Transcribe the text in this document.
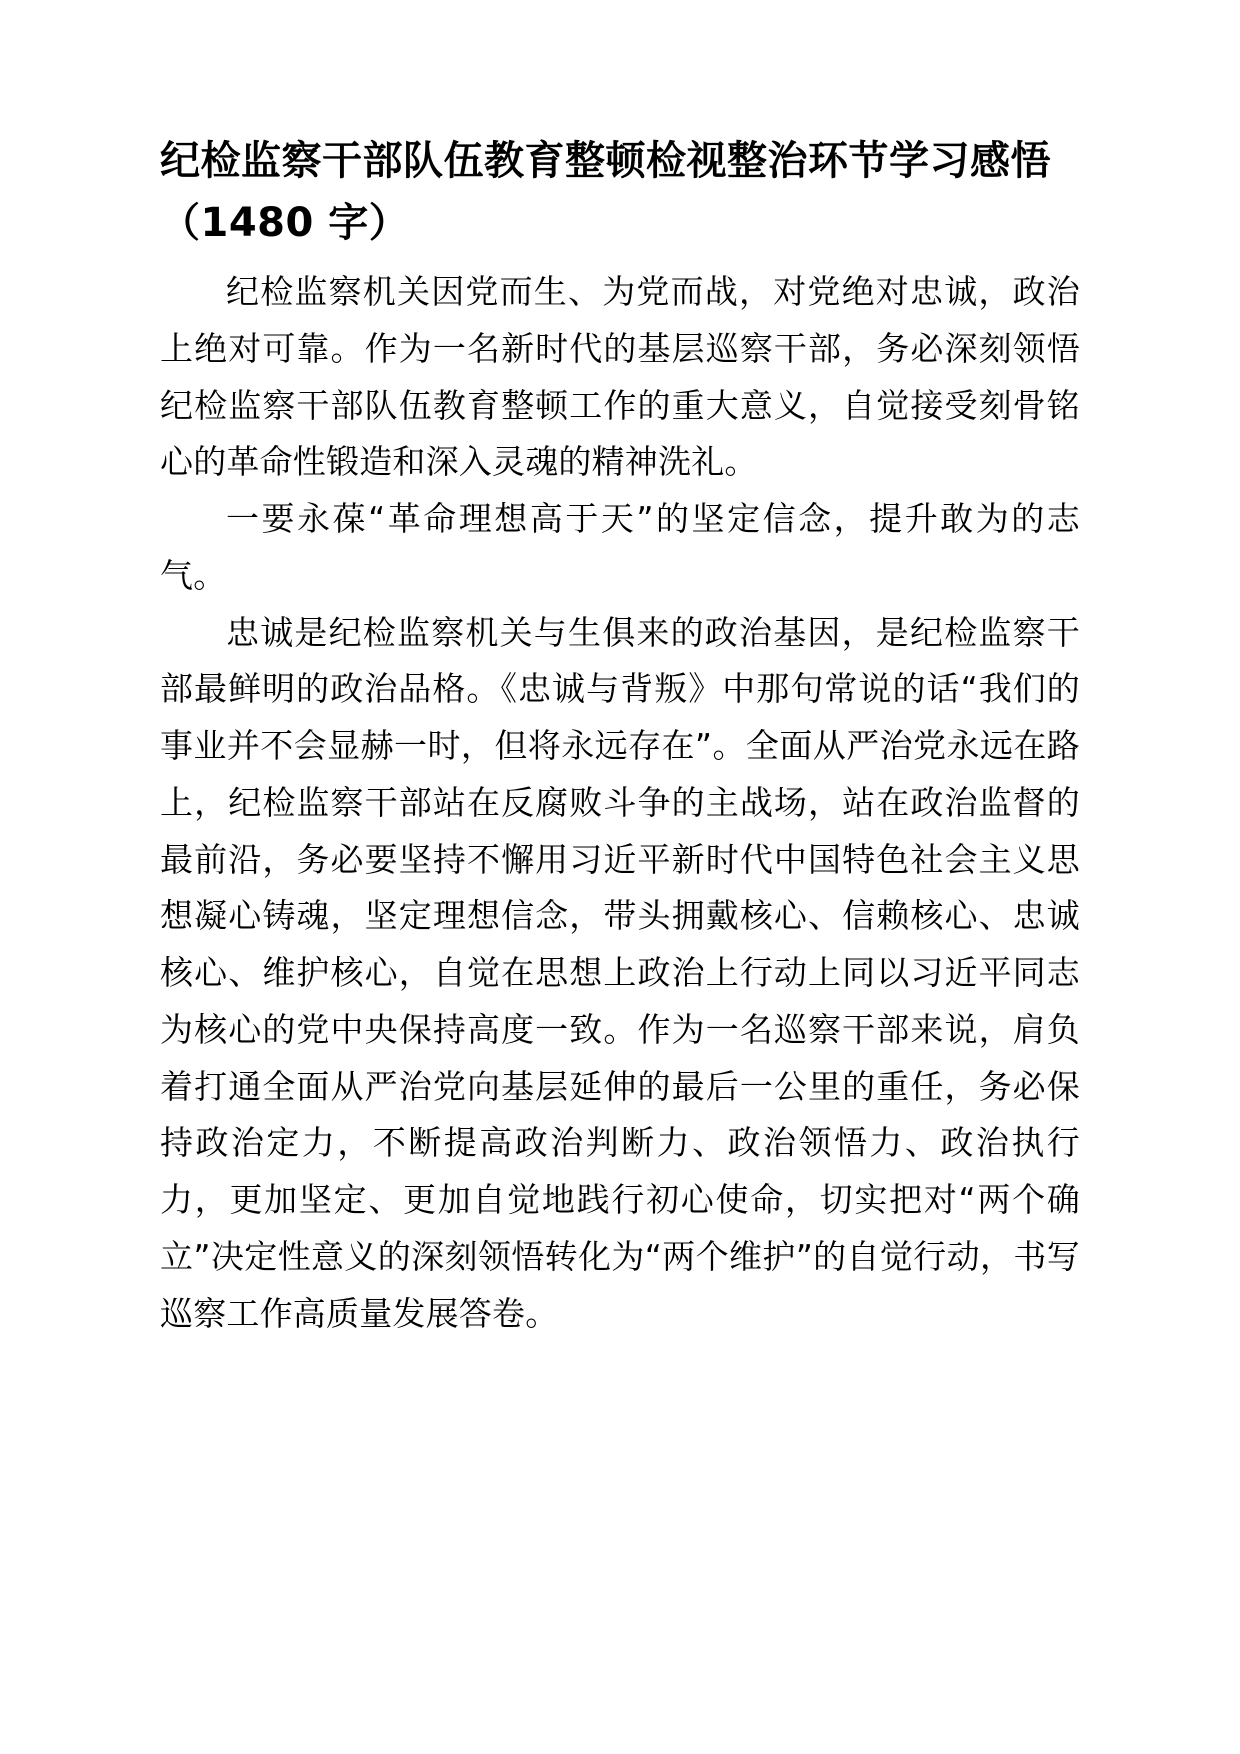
纪检监察干部队伍教育整顿检视整治环节学习感悟（1480 字）

纪检监察机关因党而生、为党而战，对党绝对忠诚，政治上绝对可靠。作为一名新时代的基层巡察干部，务必深刻领悟纪检监察干部队伍教育整顿工作的重大意义，自觉接受刻骨铭心的革命性锻造和深入灵魂的精神洗礼。

一要永葆“革命理想高于天”的坚定信念，提升敢为的志气。

忠诚是纪检监察机关与生俱来的政治基因，是纪检监察干部最鲜明的政治品格。《忠诚与背叛》中那句常说的话“我们的事业并不会显赫一时，但将永远存在”。全面从严治党永远在路上，纪检监察干部站在反腐败斗争的主战场，站在政治监督的最前沿，务必要坚持不懈用习近平新时代中国特色社会主义思想凝心铸魂，坚定理想信念，带头拥戴核心、信赖核心、忠诚核心、维护核心，自觉在思想上政治上行动上同以习近平同志为核心的党中央保持高度一致。作为一名巡察干部来说，肩负着打通全面从严治党向基层延伸的最后一公里的重任，务必保持政治定力，不断提高政治判断力、政治领悟力、政治执行力，更加坚定、更加自觉地践行初心使命，切实把对“两个确立”决定性意义的深刻领悟转化为“两个维护”的自觉行动，书写巡察工作高质量发展答卷。
